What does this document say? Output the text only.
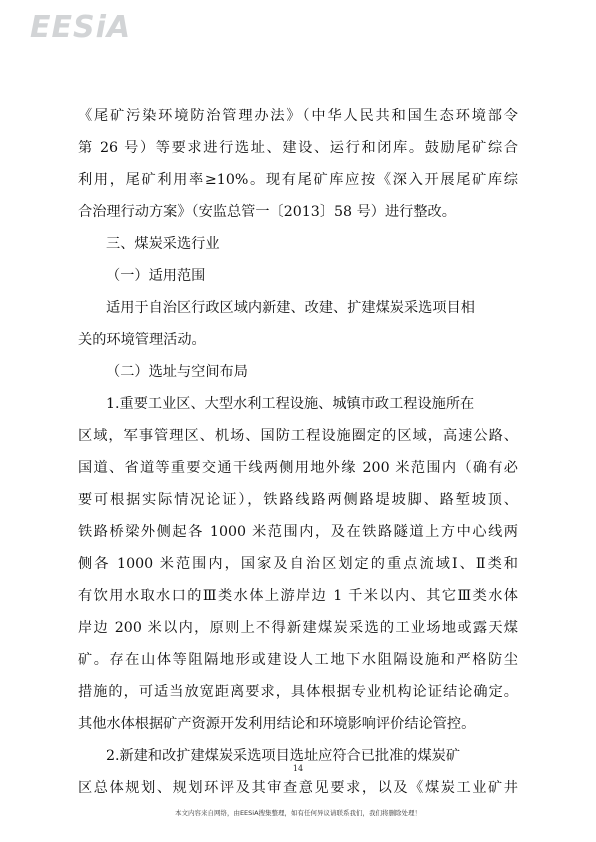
EESiA
《尾矿污染环境防治管理办法》（中华人民共和国生态环境部令
第 26 号）等要求进行选址、建设、运行和闭库。鼓励尾矿综合
利用，尾矿利用率≥10%。现有尾矿库应按《深入开展尾矿库综
合治理行动方案》（安监总管一〔2013〕58 号）进行整改。
三、煤炭采选行业
（一）适用范围
适用于自治区行政区域内新建、改建、扩建煤炭采选项目相
关的环境管理活动。
（二）选址与空间布局
1.重要工业区、大型水利工程设施、城镇市政工程设施所在
区域，军事管理区、机场、国防工程设施圈定的区域，高速公路、
国道、省道等重要交通干线两侧用地外缘 200 米范围内（确有必
要可根据实际情况论证），铁路线路两侧路堤坡脚、路堑坡顶、
铁路桥梁外侧起各 1000 米范围内，及在铁路隧道上方中心线两
侧各 1000 米范围内，国家及自治区划定的重点流域Ⅰ、Ⅱ类和
有饮用水取水口的Ⅲ类水体上游岸边 1 千米以内、其它Ⅲ类水体
岸边 200 米以内，原则上不得新建煤炭采选的工业场地或露天煤
矿。存在山体等阻隔地形或建设人工地下水阻隔设施和严格防尘
措施的，可适当放宽距离要求，具体根据专业机构论证结论确定。
其他水体根据矿产资源开发利用结论和环境影响评价结论管控。
2.新建和改扩建煤炭采选项目选址应符合已批准的煤炭矿
区总体规划、规划环评及其审查意见要求，以及《煤炭工业矿井
14
本文内容来自网络，由EESiA搜集整理，如有任何异议请联系我们，我们将删除处理！
